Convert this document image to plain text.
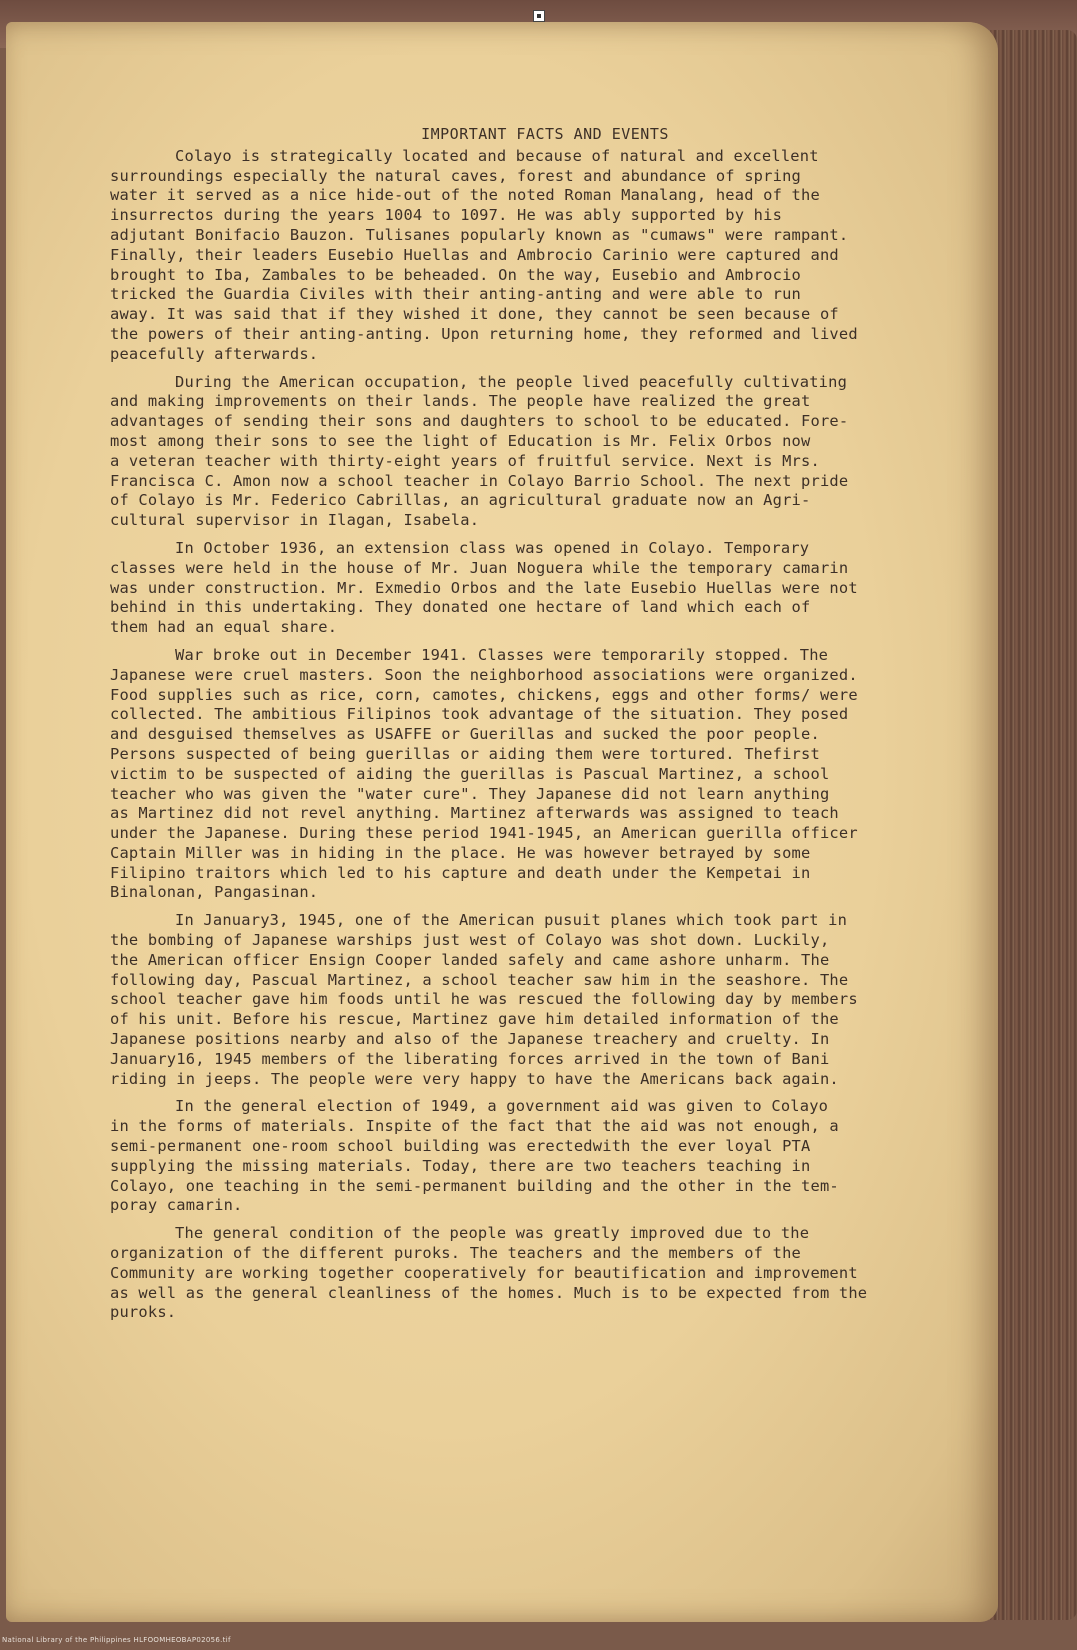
IMPORTANT FACTS AND EVENTS

Colayo is strategically located and because of natural and excellent
surroundings especially the natural caves, forest and abundance of spring
water it served as a nice hide-out of the noted Roman Manalang, head of the
insurrectos during the years 1004 to 1097. He was ably supported by his
adjutant Bonifacio Bauzon. Tulisanes popularly known as "cumaws" were rampant.
Finally, their leaders Eusebio Huellas and Ambrocio Carinio were captured and
brought to Iba, Zambales to be beheaded. On the way, Eusebio and Ambrocio
tricked the Guardia Civiles with their anting-anting and were able to run
away. It was said that if they wished it done, they cannot be seen because of
the powers of their anting-anting. Upon returning home, they reformed and lived
peacefully afterwards.

During the American occupation, the people lived peacefully cultivating
and making improvements on their lands. The people have realized the great
advantages of sending their sons and daughters to school to be educated. Fore-
most among their sons to see the light of Education is Mr. Felix Orbos now
a veteran teacher with thirty-eight years of fruitful service. Next is Mrs.
Francisca C. Amon now a school teacher in Colayo Barrio School. The next pride
of Colayo is Mr. Federico Cabrillas, an agricultural graduate now an Agri-
cultural supervisor in Ilagan, Isabela.

In October 1936, an extension class was opened in Colayo. Temporary
classes were held in the house of Mr. Juan Noguera while the temporary camarin
was under construction. Mr. Exmedio Orbos and the late Eusebio Huellas were not
behind in this undertaking. They donated one hectare of land which each of
them had an equal share.

War broke out in December 1941. Classes were temporarily stopped. The
Japanese were cruel masters. Soon the neighborhood associations were organized.
Food supplies such as rice, corn, camotes, chickens, eggs and other forms/ were
collected. The ambitious Filipinos took advantage of the situation. They posed
and desguised themselves as USAFFE or Guerillas and sucked the poor people.
Persons suspected of being guerillas or aiding them were tortured. Thefirst
victim to be suspected of aiding the guerillas is Pascual Martinez, a school
teacher who was given the "water cure". They Japanese did not learn anything
as Martinez did not revel anything. Martinez afterwards was assigned to teach
under the Japanese. During these period 1941-1945, an American guerilla officer
Captain Miller was in hiding in the place. He was however betrayed by some
Filipino traitors which led to his capture and death under the Kempetai in
Binalonan, Pangasinan.

In January3, 1945, one of the American pusuit planes which took part in
the bombing of Japanese warships just west of Colayo was shot down. Luckily,
the American officer Ensign Cooper landed safely and came ashore unharm. The
following day, Pascual Martinez, a school teacher saw him in the seashore. The
school teacher gave him foods until he was rescued the following day by members
of his unit. Before his rescue, Martinez gave him detailed information of the
Japanese positions nearby and also of the Japanese treachery and cruelty. In
January16, 1945 members of the liberating forces arrived in the town of Bani
riding in jeeps. The people were very happy to have the Americans back again.

In the general election of 1949, a government aid was given to Colayo
in the forms of materials. Inspite of the fact that the aid was not enough, a
semi-permanent one-room school building was erectedwith the ever loyal PTA
supplying the missing materials. Today, there are two teachers teaching in
Colayo, one teaching in the semi-permanent building and the other in the tem-
poray camarin.

The general condition of the people was greatly improved due to the
organization of the different puroks. The teachers and the members of the
Community are working together cooperatively for beautification and improvement
as well as the general cleanliness of the homes. Much is to be expected from the
puroks.

National Library of the Philippines HLFOOMHEOBAP02056.tif
